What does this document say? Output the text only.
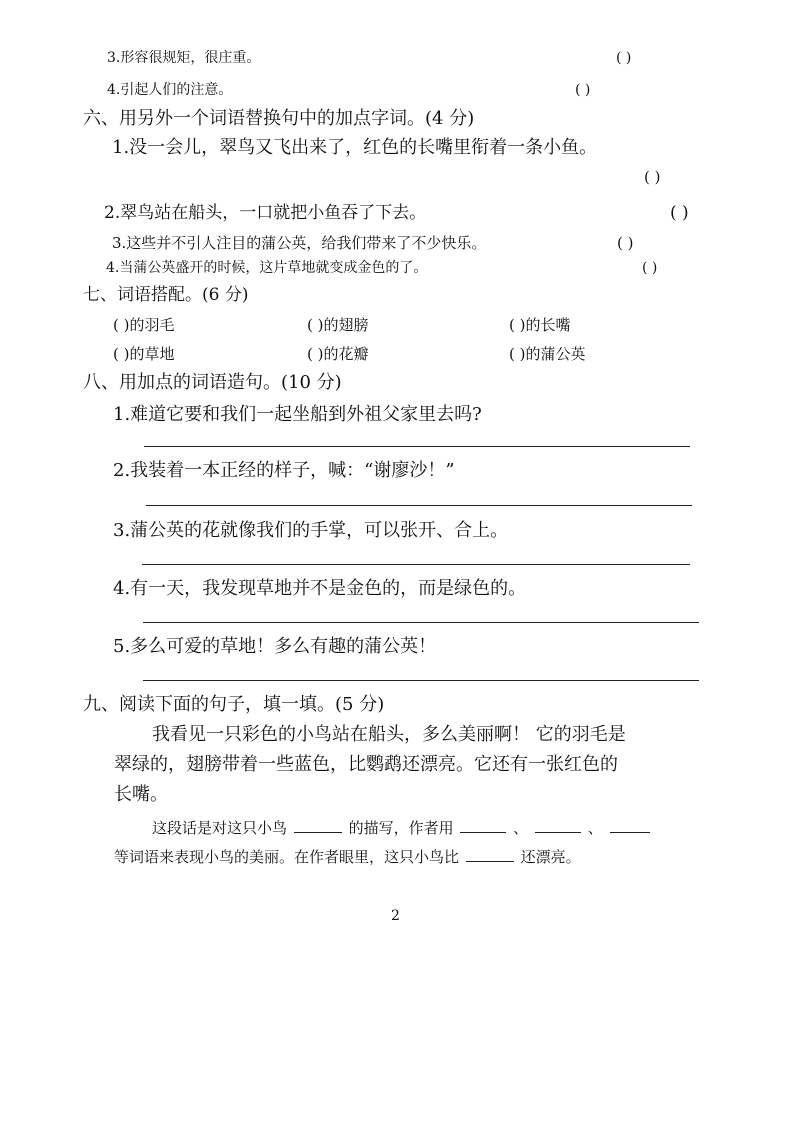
3.形容很规矩，很庄重。	( )
4.引起人们的注意。	( )
六、用另外一个词语替换句中的加点字词。(4 分)
1.没一会儿，翠鸟又飞出来了，红色的长嘴里衔着一条小鱼。
( )
2.翠鸟站在船头，一口就把小鱼吞了下去。	( )
3.这些并不引人注目的蒲公英，给我们带来了不少快乐。	( )
4.当蒲公英盛开的时候，这片草地就变成金色的了。	( )
七、词语搭配。(6 分)
( )的羽毛	( )的翅膀	( )的长嘴
( )的草地	( )的花瓣	( )的蒲公英
八、用加点的词语造句。(10 分)
1.难道它要和我们一起坐船到外祖父家里去吗?
2.我装着一本正经的样子，喊：“谢廖沙！”
3.蒲公英的花就像我们的手掌，可以张开、合上。
4.有一天，我发现草地并不是金色的，而是绿色的。
5.多么可爱的草地！多么有趣的蒲公英！
九、阅读下面的句子，填一填。(5 分)
我看见一只彩色的小鸟站在船头，多么美丽啊！ 它的羽毛是
翠绿的，翅膀带着一些蓝色，比鹦鹉还漂亮。它还有一张红色的
长嘴。
这段话是对这只小鸟	的描写，作者用	、	、
等词语来表现小鸟的美丽。在作者眼里，这只小鸟比	还漂亮。
2
